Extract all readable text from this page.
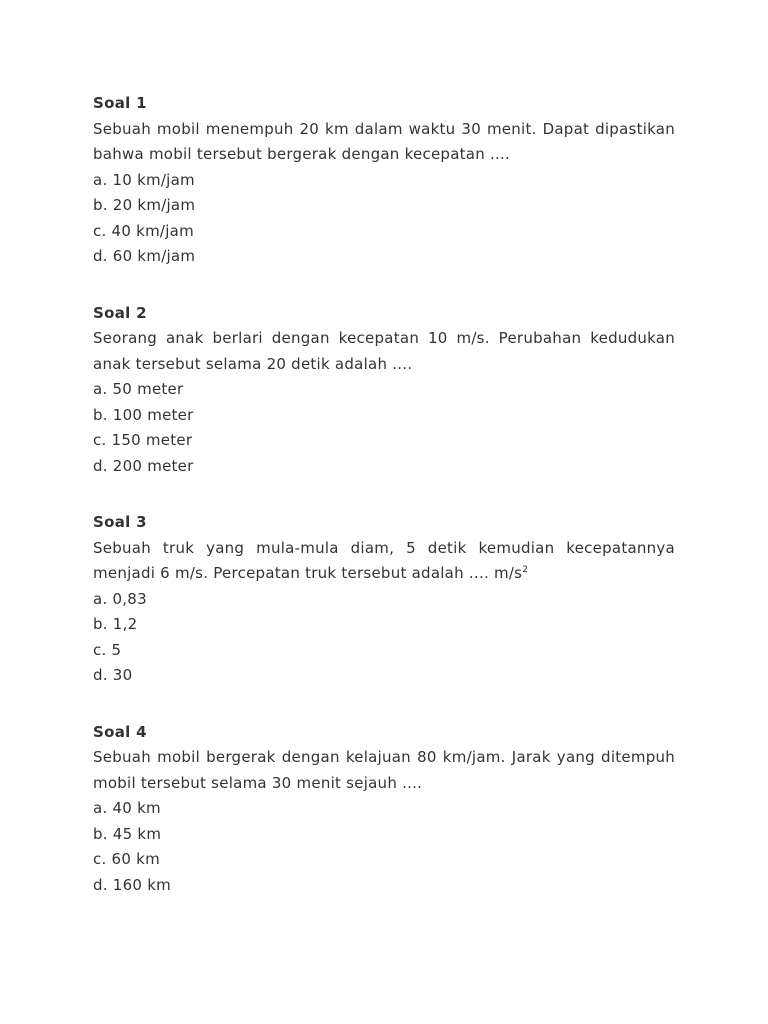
Soal 1
Sebuah mobil menempuh 20 km dalam waktu 30 menit. Dapat dipastikan
bahwa mobil tersebut bergerak dengan kecepatan ....
a. 10 km/jam
b. 20 km/jam
c. 40 km/jam
d. 60 km/jam
Soal 2
Seorang anak berlari dengan kecepatan 10 m/s. Perubahan kedudukan
anak tersebut selama 20 detik adalah ....
a. 50 meter
b. 100 meter
c. 150 meter
d. 200 meter
Soal 3
Sebuah truk yang mula-mula diam, 5 detik kemudian kecepatannya
menjadi 6 m/s. Percepatan truk tersebut adalah .... $m/s^2$
a. 0,83
b. 1,2
c. 5
d. 30
Soal 4
Sebuah mobil bergerak dengan kelajuan 80 km/jam. Jarak yang ditempuh
mobil tersebut selama 30 menit sejauh ....
a. 40 km
b. 45 km
c. 60 km
d. 160 km
